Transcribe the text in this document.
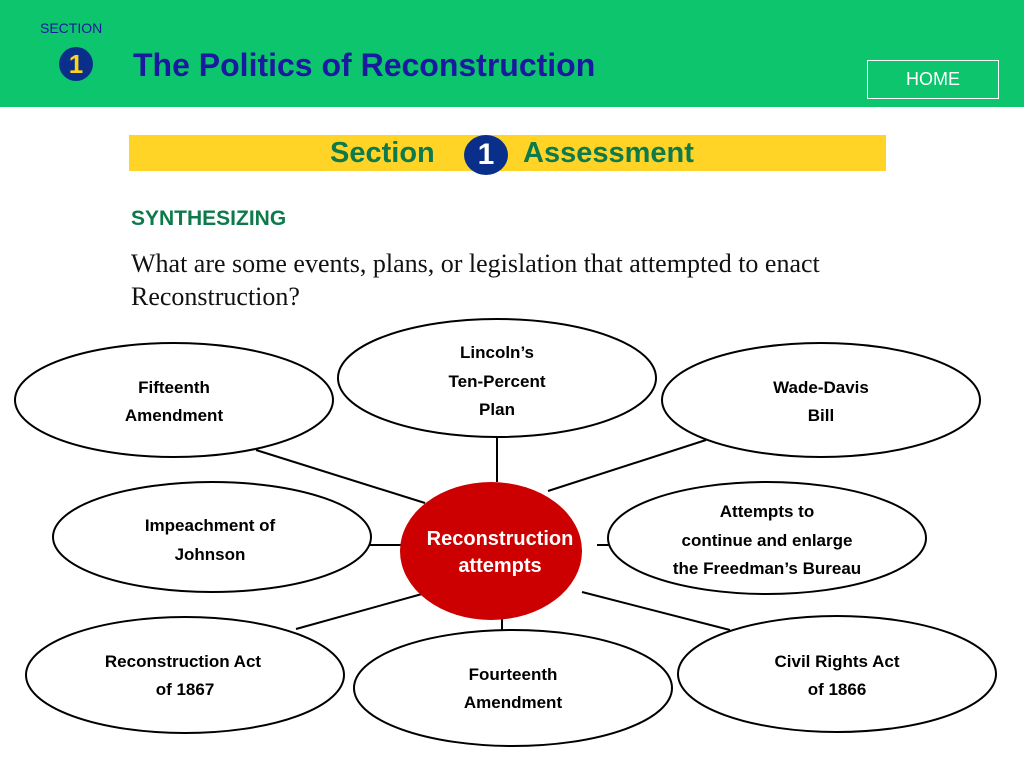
SECTION
1	The Politics of Reconstruction	HOME
Section	1 Assessment
SYNTHESIZING
What are some events, plans, or legislation that attempted to enact Reconstruction?
Lincoln’s
Ten-Percent
Plan
Fifteenth
Amendment
Wade-Davis
Bill
Impeachment of
Johnson
Attempts to
continue and enlarge
the Freedman’s Bureau
Reconstruction Act
of 1867
Fourteenth
Amendment
Civil Rights Act
of 1866
Reconstruction
attempts
